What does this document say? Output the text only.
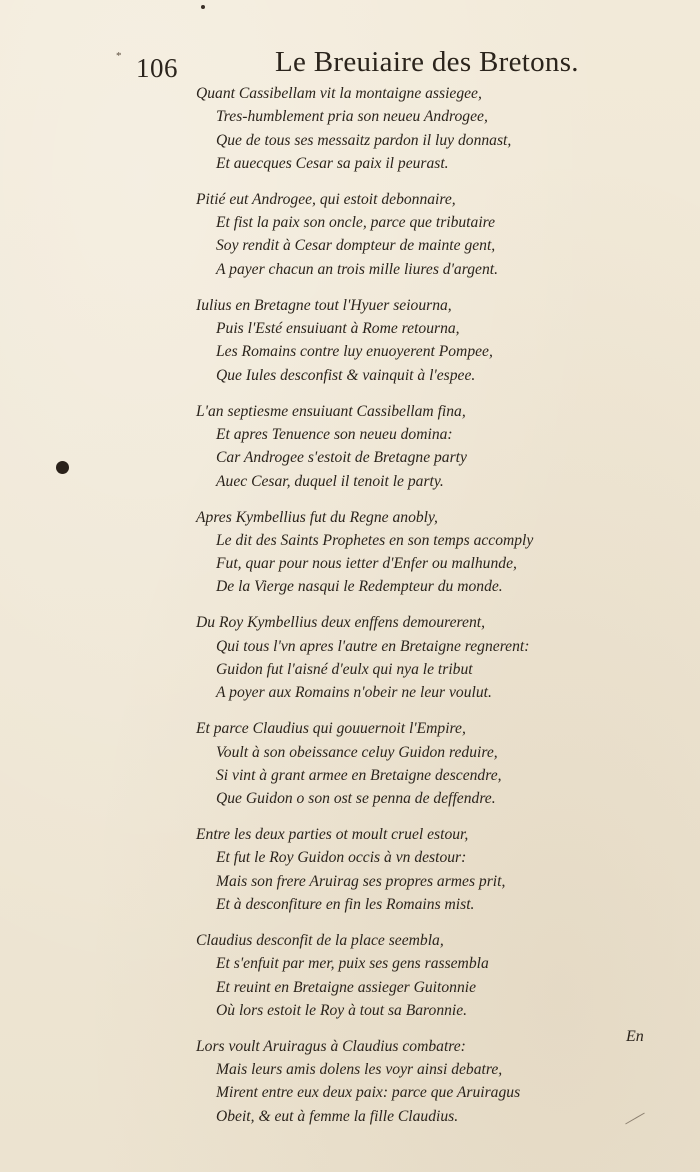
* 106	Le Breuiaire des Bretons.
Quant Cassibellam vit la montaigne assiegee,
Tres-humblement pria son neueu Androgee,
Que de tous ses messaitz pardon il luy donnast,
Et auecques Cesar sa paix il peurast.
Pitié eut Androgee, qui estoit debonnaire,
Et fist la paix son oncle, parce que tributaire
Soy rendit à Cesar dompteur de mainte gent,
A payer chacun an trois mille liures d'argent.
Iulius en Bretagne tout l'Hyuer seiourna,
Puis l'Esté ensuiuant à Rome retourna,
Les Romains contre luy enuoyerent Pompee,
Que Iules desconfist & vainquit à l'espee.
L'an septiesme ensuiuant Cassibellam fina,
Et apres Tenuence son neueu domina:
Car Androgee s'estoit de Bretagne party
Auec Cesar, duquel il tenoit le party.
Apres Kymbellius fut du Regne anobly,
Le dit des Saints Prophetes en son temps accomply
Fut, quar pour nous ietter d'Enfer ou malhunde,
De la Vierge nasqui le Redempteur du monde.
Du Roy Kymbellius deux enffens demourerent,
Qui tous l'vn apres l'autre en Bretaigne regnerent:
Guidon fut l'aisné d'eulx qui nya le tribut
A poyer aux Romains n'obeir ne leur voulut.
Et parce Claudius qui gouuernoit l'Empire,
Voult à son obeissance celuy Guidon reduire,
Si vint à grant armee en Bretaigne descendre,
Que Guidon o son ost se penna de deffendre.
Entre les deux parties ot moult cruel estour,
Et fut le Roy Guidon occis à vn destour:
Mais son frere Aruirag ses propres armes prit,
Et à desconfiture en fin les Romains mist.
Claudius desconfit de la place seembla,
Et s'enfuit par mer, puix ses gens rassembla
Et reuint en Bretaigne assieger Guitonnie
Où lors estoit le Roy à tout sa Baronnie.
Lors voult Aruiragus à Claudius combatre:
Mais leurs amis dolens les voyr ainsi debatre,
Mirent entre eux deux paix: parce que Aruiragus
Obeit, & eut à femme la fille Claudius.
En
